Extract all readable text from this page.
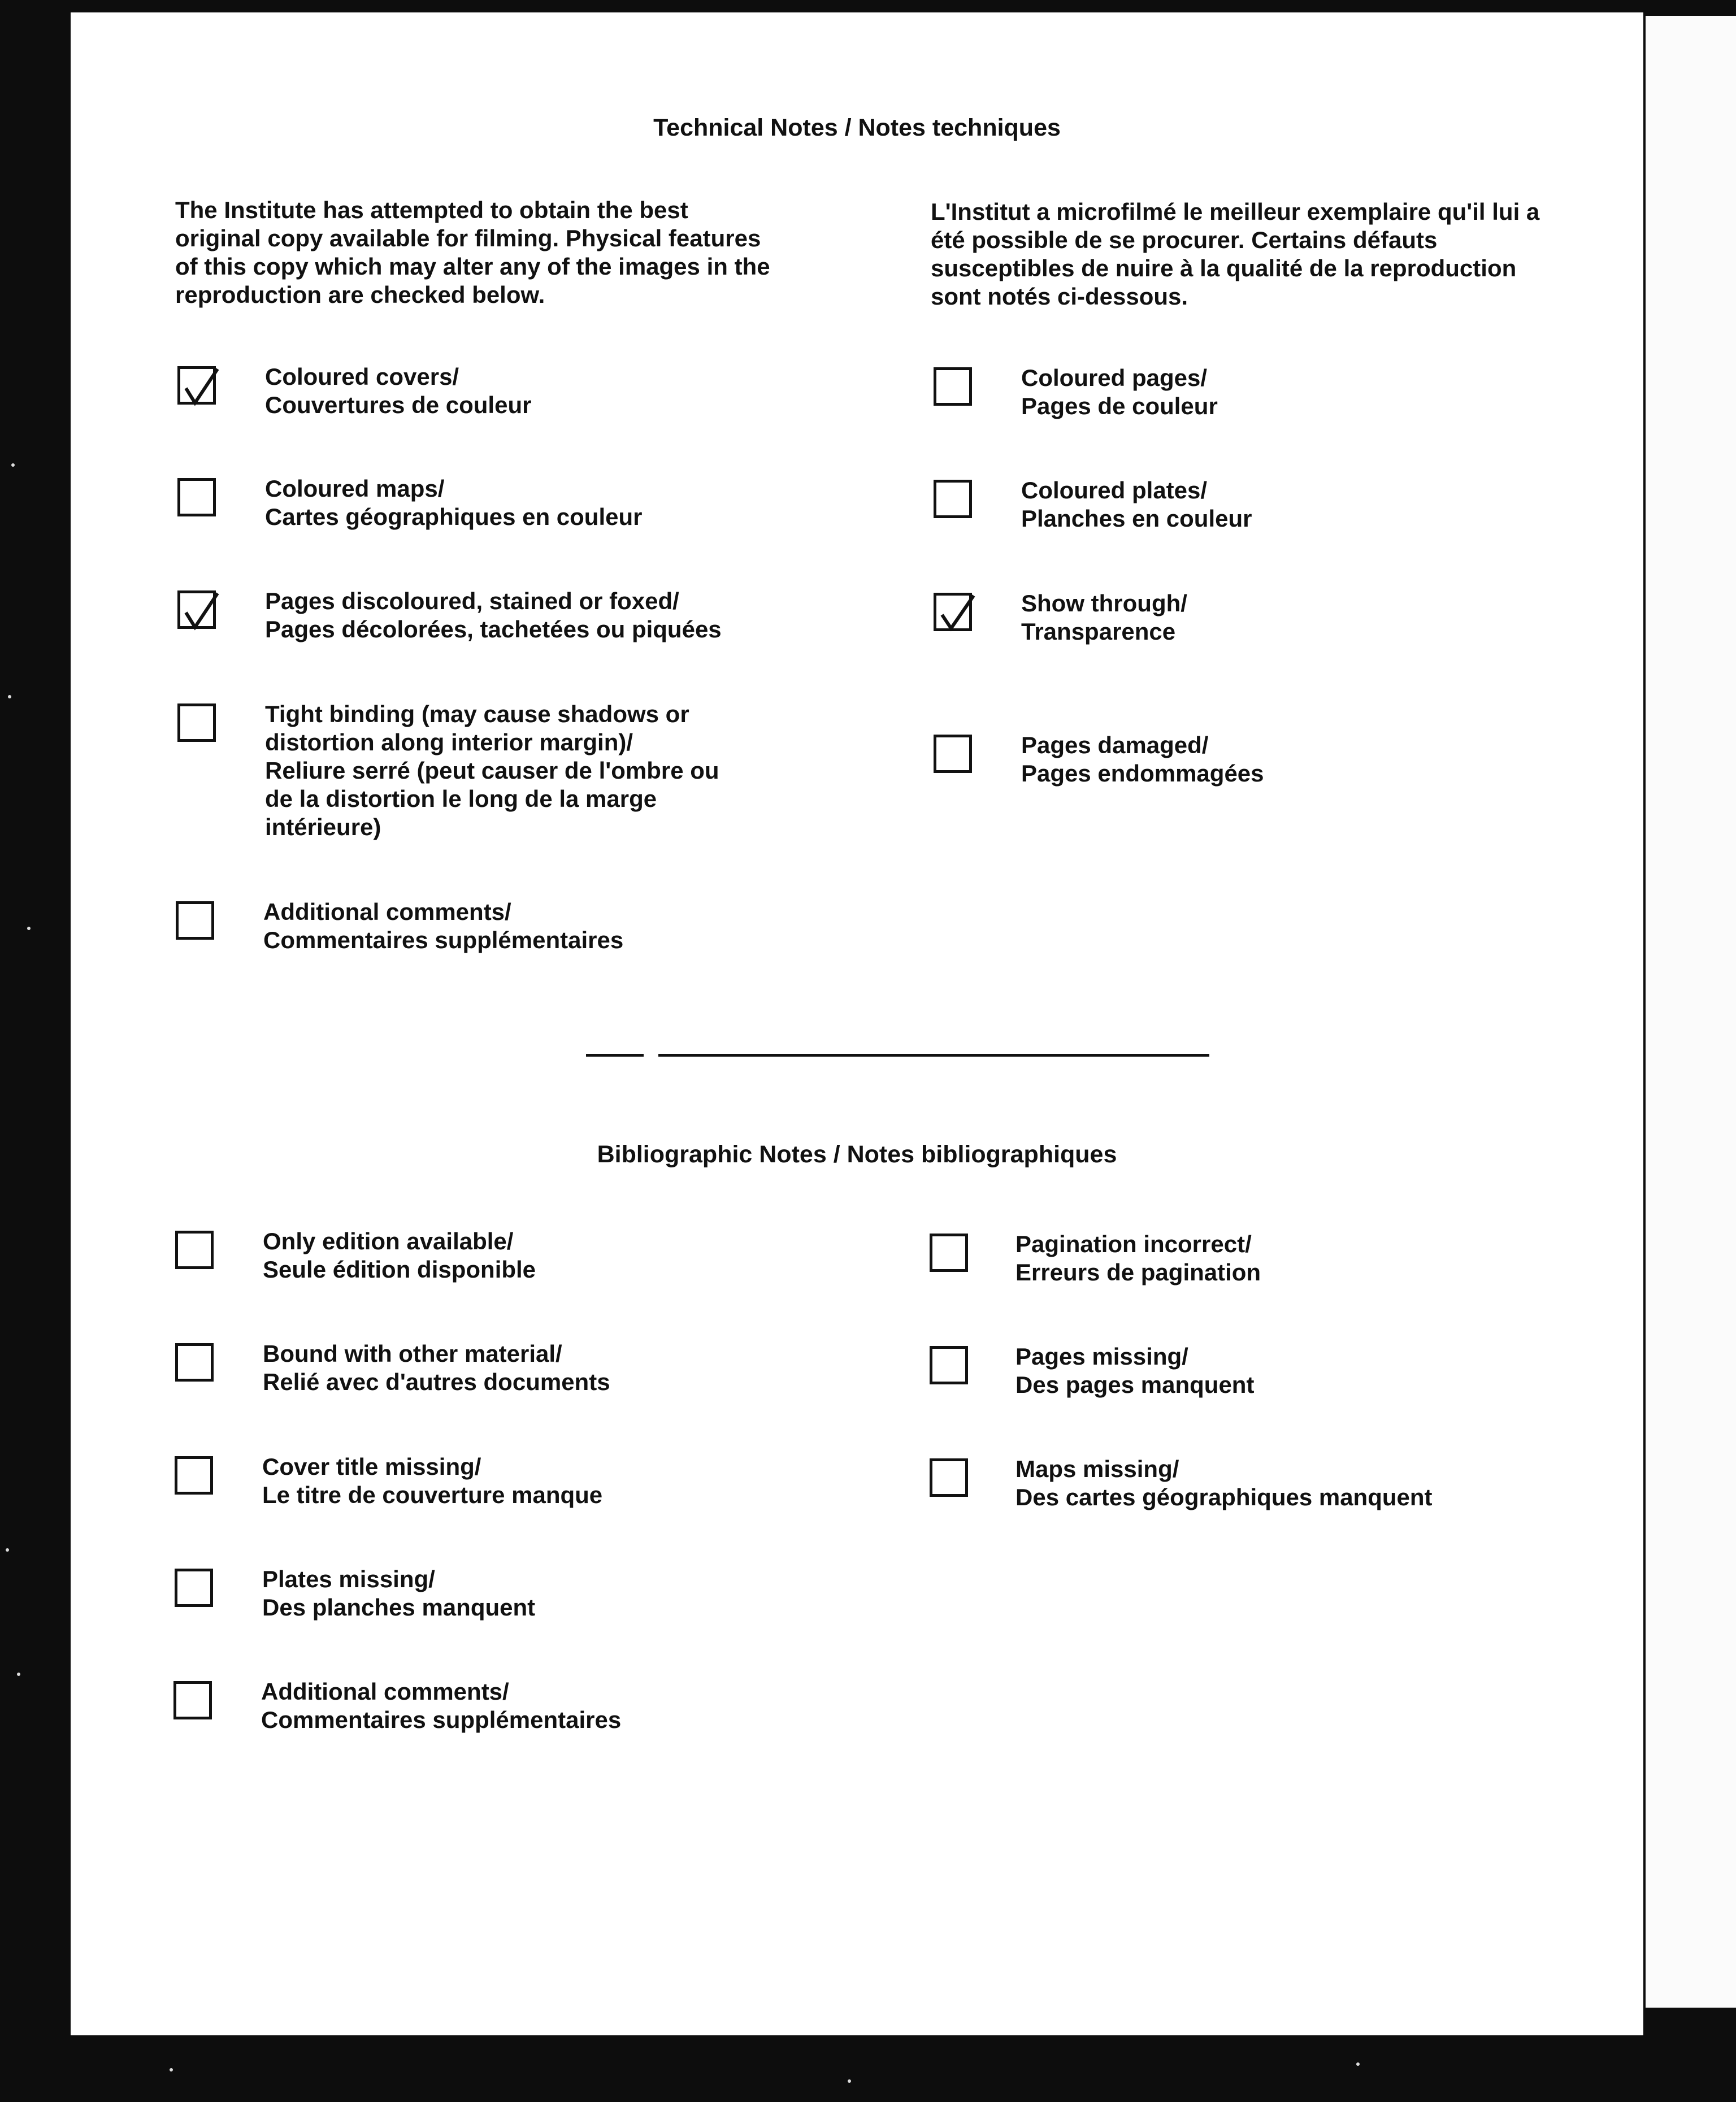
Technical Notes / Notes techniques

The Institute has attempted to obtain the best original copy available for filming. Physical features of this copy which may alter any of the images in the reproduction are checked below.

L'Institut a microfilmé le meilleur exemplaire qu'il lui a été possible de se procurer. Certains défauts susceptibles de nuire à la qualité de la reproduction sont notés ci-dessous.

Coloured covers/
Couvertures de couleur
Coloured maps/
Cartes géographiques en couleur
Pages discoloured, stained or foxed/
Pages décolorées, tachetées ou piquées
Tight binding (may cause shadows or
distortion along interior margin)/
Reliure serré (peut causer de l'ombre ou
de la distortion le long de la marge
intérieure)
Additional comments/
Commentaires supplémentaires
Coloured pages/
Pages de couleur
Coloured plates/
Planches en couleur
Show through/
Transparence
Pages damaged/
Pages endommagées
Bibliographic Notes / Notes bibliographiques
Only edition available/
Seule édition disponible
Bound with other material/
Relié avec d'autres documents
Cover title missing/
Le titre de couverture manque
Plates missing/
Des planches manquent
Additional comments/
Commentaires supplémentaires
Pagination incorrect/
Erreurs de pagination
Pages missing/
Des pages manquent
Maps missing/
Des cartes géographiques manquent
